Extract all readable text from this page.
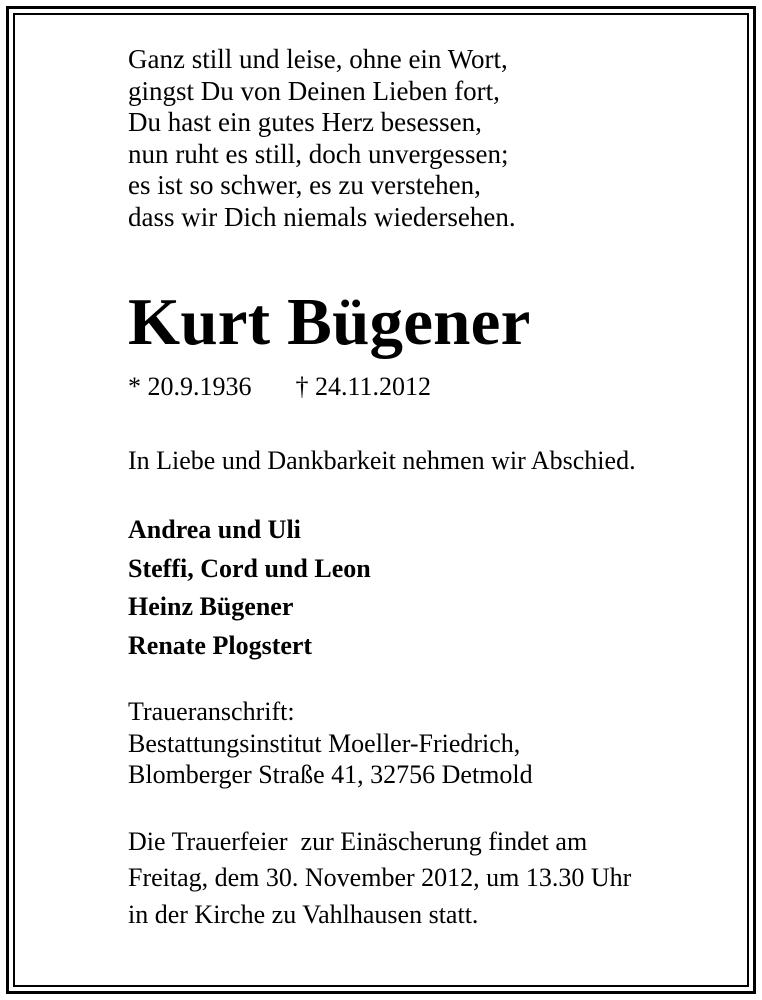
Ganz still und leise, ohne ein Wort,
gingst Du von Deinen Lieben fort,
Du hast ein gutes Herz besessen,
nun ruht es still, doch unvergessen;
es ist so schwer, es zu verstehen,
dass wir Dich niemals wiedersehen.
Kurt Bügener
* 20.9.1936 † 24.11.2012
In Liebe und Dankbarkeit nehmen wir Abschied.
Andrea und Uli
Steffi, Cord und Leon
Heinz Bügener
Renate Plogstert
Traueranschrift:
Bestattungsinstitut Moeller-Friedrich,
Blomberger Straße 41, 32756 Detmold
Die Trauerfeier  zur Einäscherung findet am
Freitag, dem 30. November 2012, um 13.30 Uhr
in der Kirche zu Vahlhausen statt.
